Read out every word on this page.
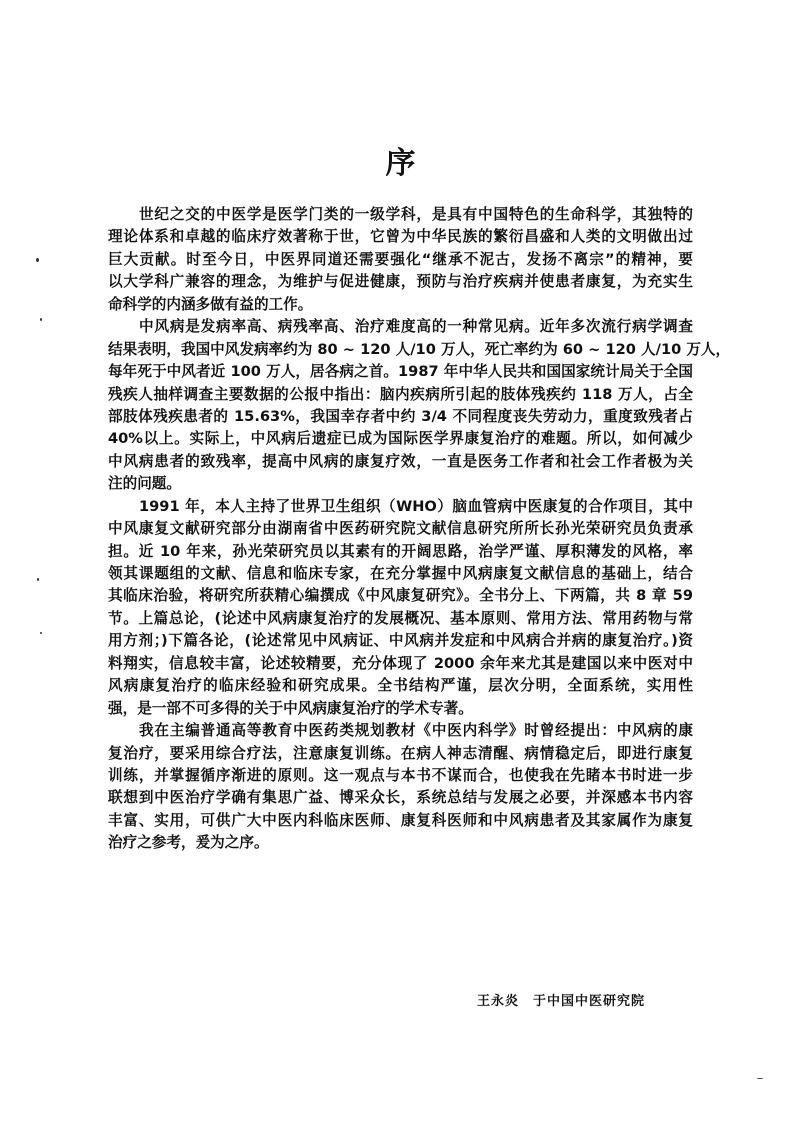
序
世纪之交的中医学是医学门类的一级学科，是具有中国特色的生命科学，其独特的
理论体系和卓越的临床疗效著称于世，它曾为中华民族的繁衍昌盛和人类的文明做出过
巨大贡献。时至今日，中医界同道还需要强化“继承不泥古，发扬不离宗”的精神，要
以大学科广兼容的理念，为维护与促进健康，预防与治疗疾病并使患者康复，为充实生
命科学的内涵多做有益的工作。
中风病是发病率高、病残率高、治疗难度高的一种常见病。近年多次流行病学调查
结果表明，我国中风发病率约为 80 ~ 120 人/10 万人，死亡率约为 60 ~ 120 人/10 万人，
每年死于中风者近 100 万人，居各病之首。1987 年中华人民共和国国家统计局关于全国
残疾人抽样调查主要数据的公报中指出：脑内疾病所引起的肢体残疾约 118 万人，占全
部肢体残疾患者的 15.63%，我国幸存者中约 3/4 不同程度丧失劳动力，重度致残者占
40%以上。实际上，中风病后遗症已成为国际医学界康复治疗的难题。所以，如何减少
中风病患者的致残率，提高中风病的康复疗效，一直是医务工作者和社会工作者极为关
注的问题。
1991 年，本人主持了世界卫生组织（WHO）脑血管病中医康复的合作项目，其中
中风康复文献研究部分由湖南省中医药研究院文献信息研究所所长孙光荣研究员负责承
担。近 10 年来，孙光荣研究员以其素有的开阔思路，治学严谨、厚积薄发的风格，率
领其课题组的文献、信息和临床专家，在充分掌握中风病康复文献信息的基础上，结合
其临床治验，将研究所获精心编撰成《中风康复研究》。全书分上、下两篇，共 8 章 59
节。上篇总论，(论述中风病康复治疗的发展概况、基本原则、常用方法、常用药物与常
用方剂；)下篇各论，(论述常见中风病证、中风病并发症和中风病合并病的康复治疗。)资
料翔实，信息较丰富，论述较精要，充分体现了 2000 余年来尤其是建国以来中医对中
风病康复治疗的临床经验和研究成果。全书结构严谨，层次分明，全面系统，实用性
强，是一部不可多得的关于中风病康复治疗的学术专著。
我在主编普通高等教育中医药类规划教材《中医内科学》时曾经提出：中风病的康
复治疗，要采用综合疗法，注意康复训练。在病人神志清醒、病情稳定后，即进行康复
训练，并掌握循序渐进的原则。这一观点与本书不谋而合，也使我在先睹本书时进一步
联想到中医治疗学确有集思广益、博采众长，系统总结与发展之必要，并深感本书内容
丰富、实用，可供广大中医内科临床医师、康复科医师和中风病患者及其家属作为康复
治疗之参考，爰为之序。
王永炎　于中国中医研究院
